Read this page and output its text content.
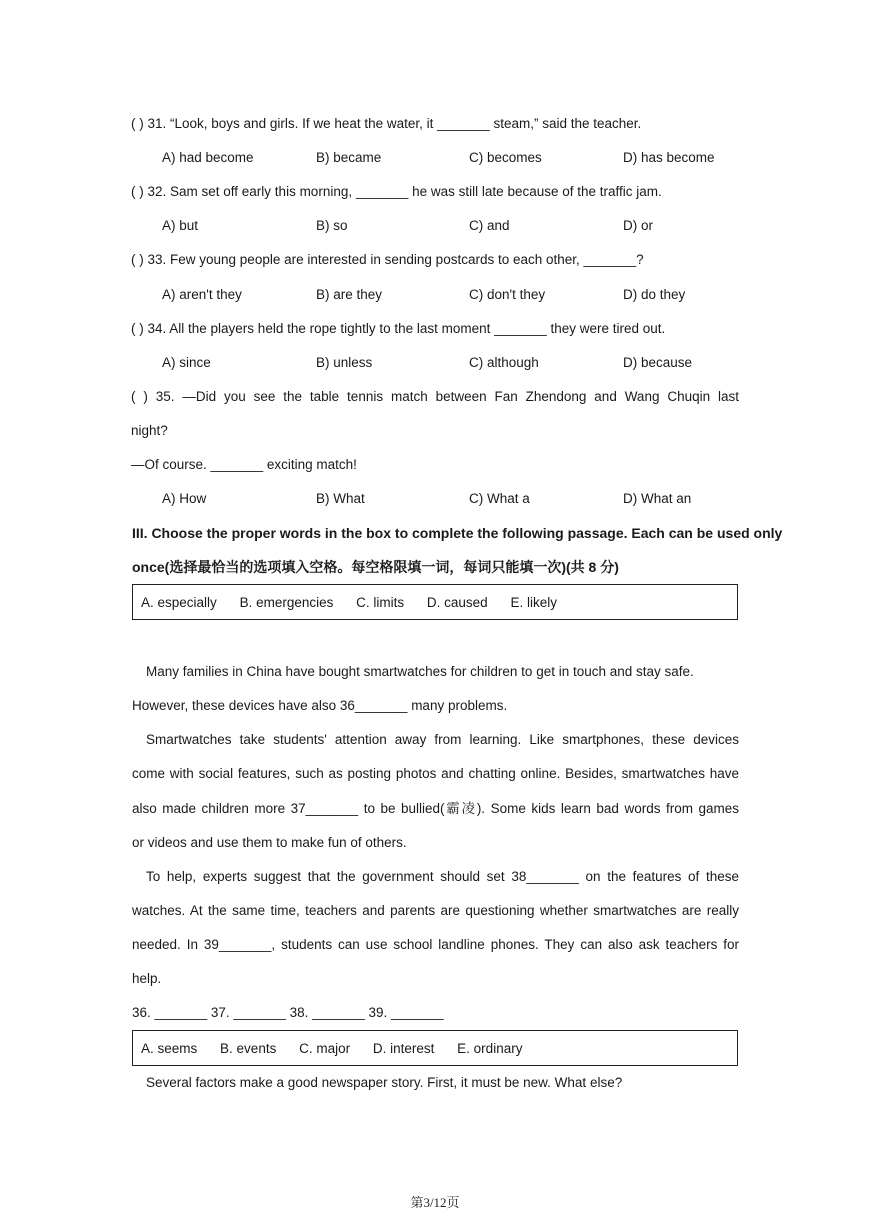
( ) 31. “Look, boys and girls. If we heat the water, it _______ steam,” said the teacher.
A) had become	B) became	C) becomes	D) has become
( ) 32. Sam set off early this morning, _______ he was still late because of the traffic jam.
A) but	B) so	C) and	D) or
( ) 33. Few young people are interested in sending postcards to each other, _______?
A) aren't they	B) are they	C) don't they	D) do they
( ) 34. All the players held the rope tightly to the last moment _______ they were tired out.
A) since	B) unless	C) although	D) because
( ) 35. —Did you see the table tennis match between Fan Zhendong and Wang Chuqin last
night?
—Of course. _______ exciting match!
A) How	B) What	C) What a	D) What an
III. Choose the proper words in the box to complete the following passage. Each can be used only
once(选择最恰当的选项填入空格。每空格限填一词，每词只能填一次)(共 8 分)
A. especially B. emergencies C. limits D. caused E. likely
Many families in China have bought smartwatches for children to get in touch and stay safe.
However, these devices have also 36_______ many problems.
Smartwatches take students' attention away from learning. Like smartphones, these devices
come with social features, such as posting photos and chatting online. Besides, smartwatches have
also made children more 37_______ to be bullied(霸凌). Some kids learn bad words from games
or videos and use them to make fun of others.
To help, experts suggest that the government should set 38_______ on the features of these
watches. At the same time, teachers and parents are questioning whether smartwatches are really
needed. In 39_______, students can use school landline phones. They can also ask teachers for
help.
36. _______ 37. _______ 38. _______ 39. _______
A. seems B. events C. major D. interest E. ordinary
Several factors make a good newspaper story. First, it must be new. What else?
第3/12页
